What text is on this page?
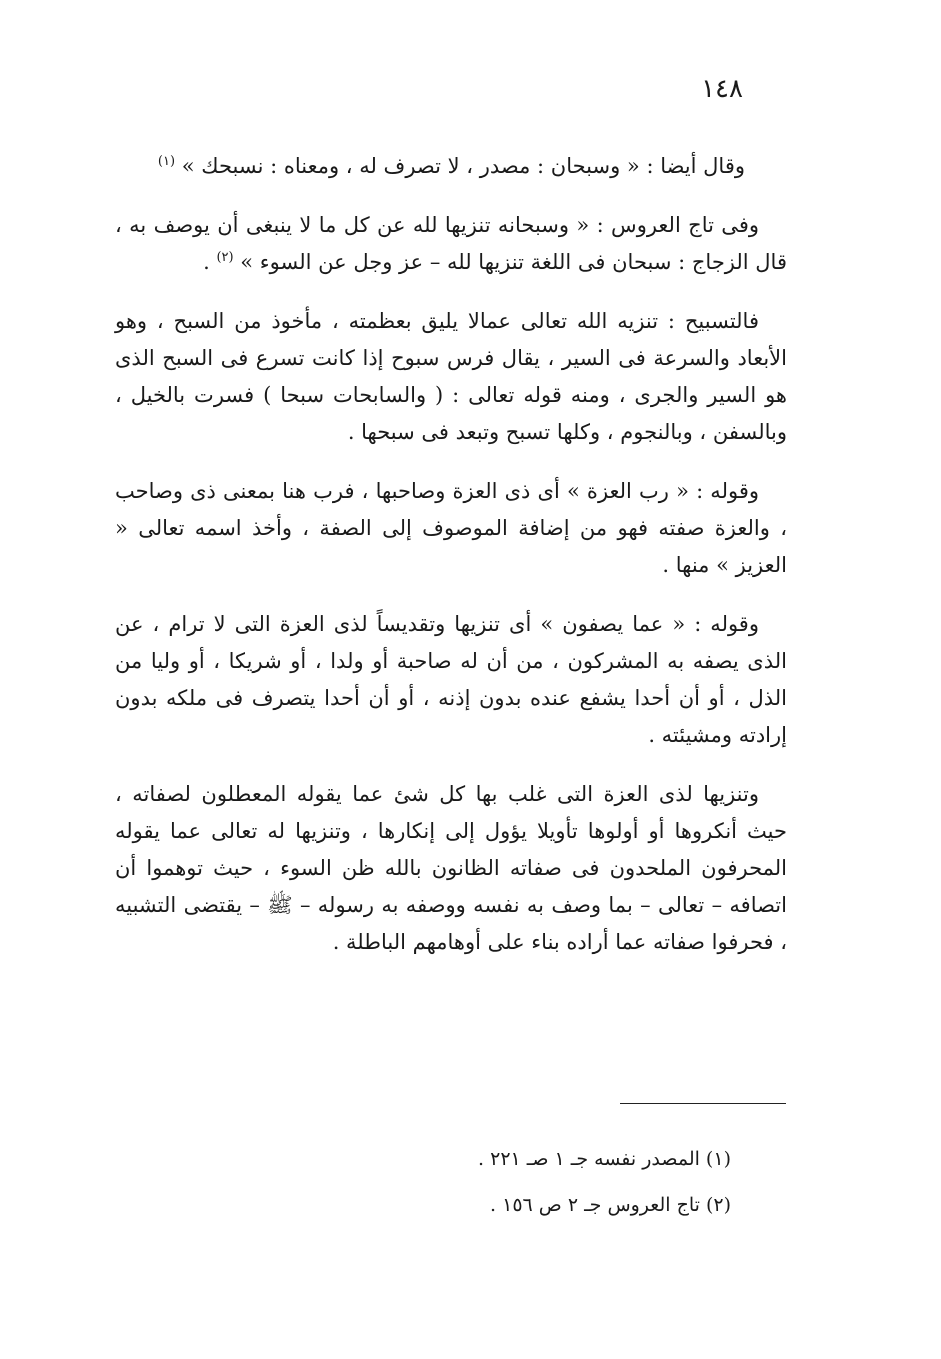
١٤٨

وقال أيضا : « وسبحان : مصدر ، لا تصرف له ، ومعناه : نسبحك » $^{(١)}$

وفى تاج العروس : « وسبحانه تنزيها لله عن كل ما لا ينبغى أن يوصف به ، قال الزجاج : سبحان فى اللغة تنزيها لله – عز وجل عن السوء » $^{(٢)}$ .

فالتسبيح : تنزيه الله تعالى عمالا يليق بعظمته ، مأخوذ من السبح ، وهو الأبعاد والسرعة فى السير ، يقال فرس سبوح إذا كانت تسرع فى السبح الذى هو السير والجرى ، ومنه قوله تعالى : ( والسابحات سبحا ) فسرت بالخيل ، وبالسفن ، وبالنجوم ، وكلها تسبح وتبعد فى سبحها .

وقوله : « رب العزة » أى ذى العزة وصاحبها ، فرب هنا بمعنى ذى وصاحب ، والعزة صفته فهو من إضافة الموصوف إلى الصفة ، وأخذ اسمه تعالى « العزيز » منها .

وقوله : « عما يصفون » أى تنزيها وتقديساً لذى العزة التى لا ترام ، عن الذى يصفه به المشركون ، من أن له صاحبة أو ولدا ، أو شريكا ، أو وليا من الذل ، أو أن أحدا يشفع عنده بدون إذنه ، أو أن أحدا يتصرف فى ملكه بدون إرادته ومشيئته .

وتنزيها لذى العزة التى غلب بها كل شئ عما يقوله المعطلون لصفاته ، حيث أنكروها أو أولوها تأويلا يؤول إلى إنكارها ، وتنزيها له تعالى عما يقوله المحرفون الملحدون فى صفاته الظانون بالله ظن السوء ، حيث توهموا أن اتصافه – تعالى – بما وصف به نفسه ووصفه به رسوله – ﷺ – يقتضى التشبيه ، فحرفوا صفاته عما أراده بناء على أوهامهم الباطلة .

(١) المصدر نفسه جـ ١ صـ ٢٢١ .
(٢) تاج العروس جـ ٢ ص ١٥٦ .
